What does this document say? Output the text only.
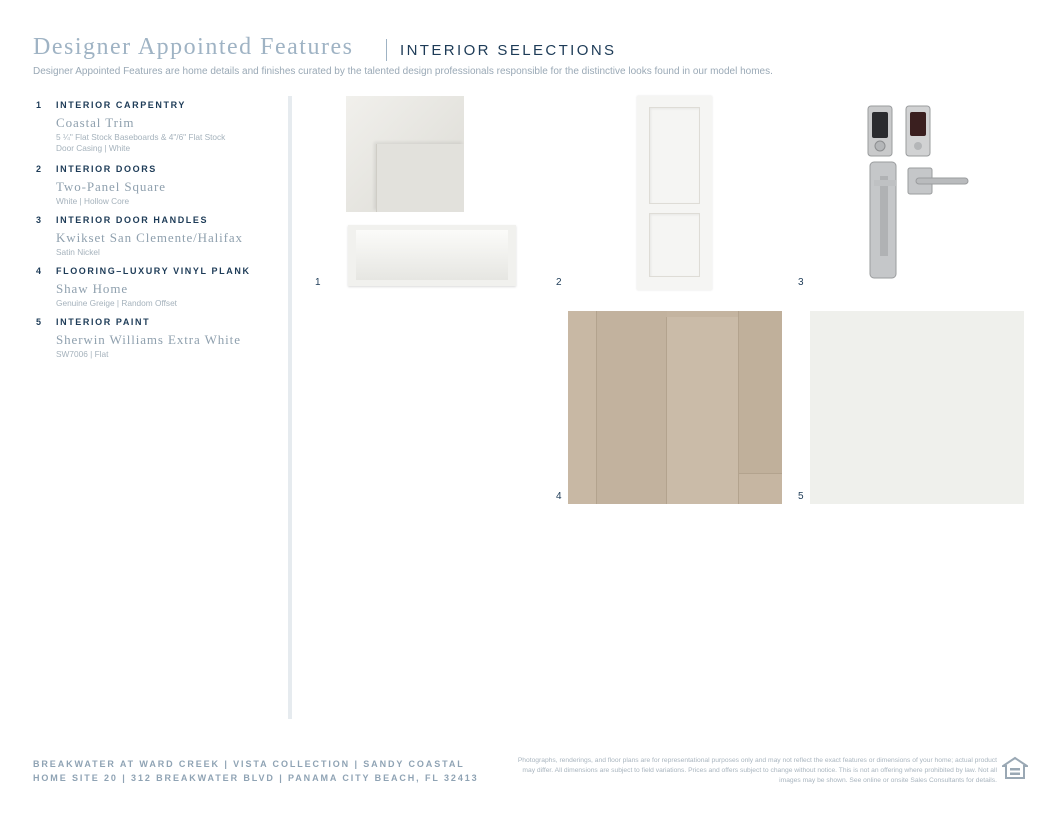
Designer Appointed Features	INTERIOR SELECTIONS
Designer Appointed Features are home details and finishes curated by the talented design professionals responsible for the distinctive looks found in our model homes.
1	INTERIOR CARPENTRY
Coastal Trim
5 ¼" Flat Stock Baseboards & 4"/6" Flat Stock
Door Casing | White
2	INTERIOR DOORS
Two-Panel Square
White | Hollow Core
3	INTERIOR DOOR HANDLES
Kwikset San Clemente/Halifax
Satin Nickel
4	FLOORING–LUXURY VINYL PLANK
Shaw Home
Genuine Greige | Random Offset
5	INTERIOR PAINT
Sherwin Williams Extra White
SW7006 | Flat
1	2	3
4	5
BREAKWATER AT WARD CREEK | VISTA COLLECTION | SANDY COASTAL
HOME SITE 20 | 312 BREAKWATER BLVD | PANAMA CITY BEACH, FL 32413
Photographs, renderings, and floor plans are for representational purposes only and may not reflect the exact features or dimensions of your home; actual product may differ. All dimensions are subject to field variations. Prices and offers subject to change without notice. This is not an offering where prohibited by law. Not all images may be shown. See online or onsite Sales Consultants for details.
